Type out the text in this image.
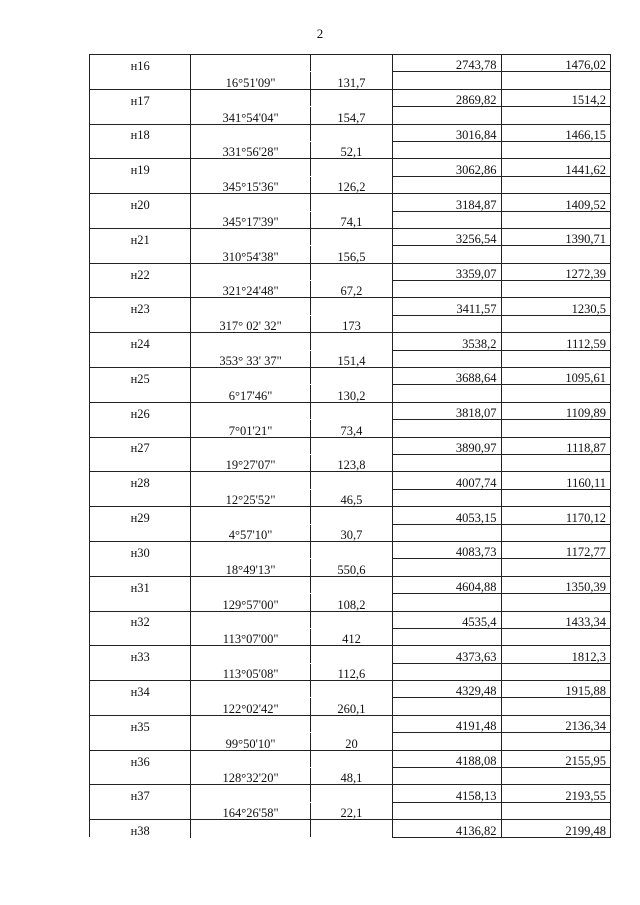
2
н16			2743,78	1476,02
	16°51'09"	131,7		
н17			2869,82	1514,2
	341°54'04"	154,7		
н18			3016,84	1466,15
	331°56'28"	52,1		
н19			3062,86	1441,62
	345°15'36"	126,2		
н20			3184,87	1409,52
	345°17'39"	74,1		
н21			3256,54	1390,71
	310°54'38"	156,5		
н22			3359,07	1272,39
	321°24'48"	67,2		
н23			3411,57	1230,5
	317° 02' 32"	173		
н24			3538,2	1112,59
	353° 33' 37"	151,4		
н25			3688,64	1095,61
	6°17'46"	130,2		
н26			3818,07	1109,89
	7°01'21"	73,4		
н27			3890,97	1118,87
	19°27'07"	123,8		
н28			4007,74	1160,11
	12°25'52"	46,5		
н29			4053,15	1170,12
	4°57'10"	30,7		
н30			4083,73	1172,77
	18°49'13"	550,6		
н31			4604,88	1350,39
	129°57'00"	108,2		
н32			4535,4	1433,34
	113°07'00"	412		
н33			4373,63	1812,3
	113°05'08"	112,6		
н34			4329,48	1915,88
	122°02'42"	260,1		
н35			4191,48	2136,34
	99°50'10"	20		
н36			4188,08	2155,95
	128°32'20"	48,1		
н37			4158,13	2193,55
	164°26'58"	22,1		
н38			4136,82	2199,48
